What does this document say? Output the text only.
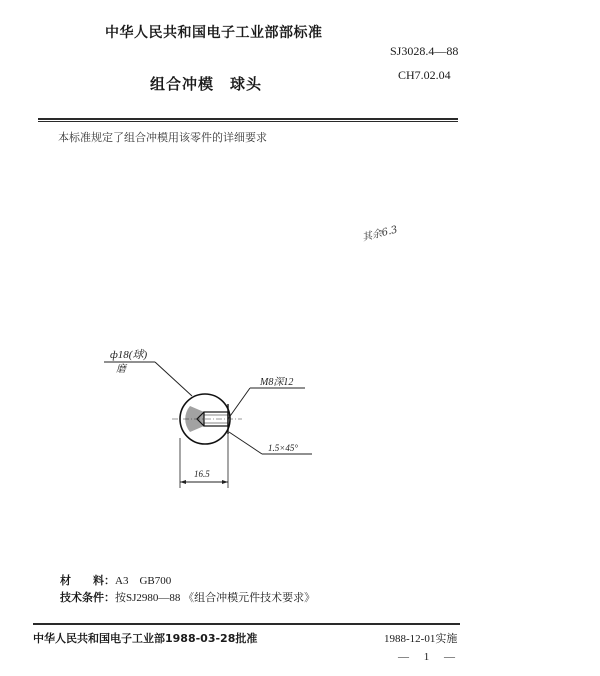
中华人民共和国电子工业部部标准
SJ3028.4—88
CH7.02.04
组合冲模 球头
本标准规定了组合冲模用该零件的详细要求
其余6.3
ф18(球)
磨
M8深12
1.5×45°
16.5
材　　料：A3　GB700
技术条件：按SJ2980—88 《组合冲模元件技术要求》
中华人民共和国电子工业部1988-03-28批准	1988-12-01实施
— 1 —
